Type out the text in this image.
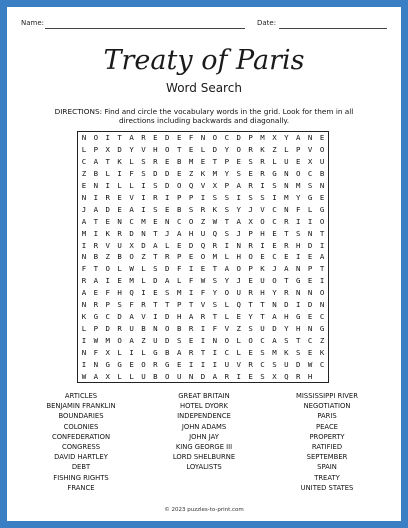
Name:	Date:
Treaty of Paris
Word Search
DIRECTIONS: Find and circle the vocabulary words in the grid. Look for them in all directions including backwards and diagonally.
N	O	I	T	A	R	E	D	E	F	N	O	C	D	P	M	X	Y	A	N	E
L	P	X	D	Y	V	H	O	T	E	L	D	Y	O	R	K	Z	L	P	V	O
C	A	T	K	L	S	R	E	B	M	E	T	P	E	S	R	L	U	E	X	U
Z	B	L	I	F	S	D	D	E	Z	K	M	Y	S	E	R	G	N	O	C	B
E	N	I	L	L	I	S	D	O	Q	V	X	P	A	R	I	S	N	M	S	N
N	I	R	E	V	I	R	I	P	P	I	S	S	I	S	S	I	M	Y	G	E
J	A	D	E	A	I	S	E	B	S	R	K	S	Y	J	V	C	N	F	L	G
A	T	E	N	C	M	E	N	C	O	Z	W	T	A	X	O	C	R	I	I	O
M	I	K	R	D	N	T	J	A	H	U	Q	S	J	P	H	E	T	S	N	T
I	R	V	U	X	D	A	L	E	D	Q	R	I	N	R	I	E	R	H	D	I
N	B	Z	B	O	Z	T	R	P	E	O	M	L	H	O	E	C	E	I	E	A
F	T	O	L	W	L	S	D	F	I	E	T	A	O	P	K	J	A	N	P	T
R	A	I	E	M	L	D	A	L	F	W	S	Y	J	E	U	O	T	G	E	I
A	E	F	H	Q	I	E	S	M	I	F	Y	O	U	R	H	Y	R	N	N	O
N	R	P	S	F	R	T	T	P	T	V	S	L	Q	T	T	N	D	I	D	N
K	G	C	D	A	V	I	D	H	A	R	T	L	E	Y	T	A	H	G	E	C
L	P	D	R	U	B	N	O	B	R	I	F	V	Z	S	U	D	Y	H	N	G
I	W	M	O	A	Z	U	D	S	E	I	N	O	L	O	C	A	S	T	C	Z
N	F	X	L	I	L	G	B	A	R	T	I	C	L	E	S	M	K	S	E	K
I	N	G	G	E	O	R	G	E	I	I	I	U	V	R	C	S	U	D	W	C
W	A	X	L	L	U	B	O	U	N	D	A	R	I	E	S	X	Q	R	H
ARTICLES
BENJAMIN FRANKLIN
BOUNDARIES
COLONIES
CONFEDERATION
CONGRESS
DAVID HARTLEY
DEBT
FISHING RIGHTS
FRANCE
GREAT BRITAIN
HOTEL DYORK
INDEPENDENCE
JOHN ADAMS
JOHN JAY
KING GEORGE III
LORD SHELBURNE
LOYALISTS
MISSISSIPPI RIVER
NEGOTIATION
PARIS
PEACE
PROPERTY
RATIFIED
SEPTEMBER
SPAIN
TREATY
UNITED STATES
© 2023 puzzles-to-print.com
